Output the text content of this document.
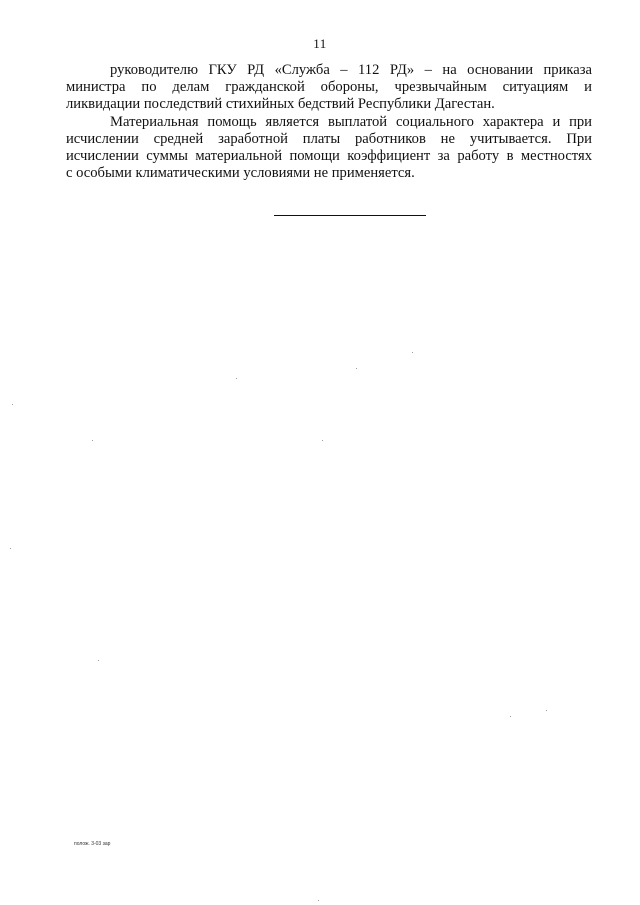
11

руководителю ГКУ РД «Служба – 112 РД» – на основании приказа
министра по делам гражданской обороны, чрезвычайным ситуациям и
ликвидации последствий стихийных бедствий Республики Дагестан.

Материальная помощь является выплатой социального характера и при
исчислении средней заработной платы работников не учитывается. При
исчислении суммы материальной помощи коэффициент за работу в местностях
с особыми климатическими условиями не применяется.

полож. 3-03 зар
